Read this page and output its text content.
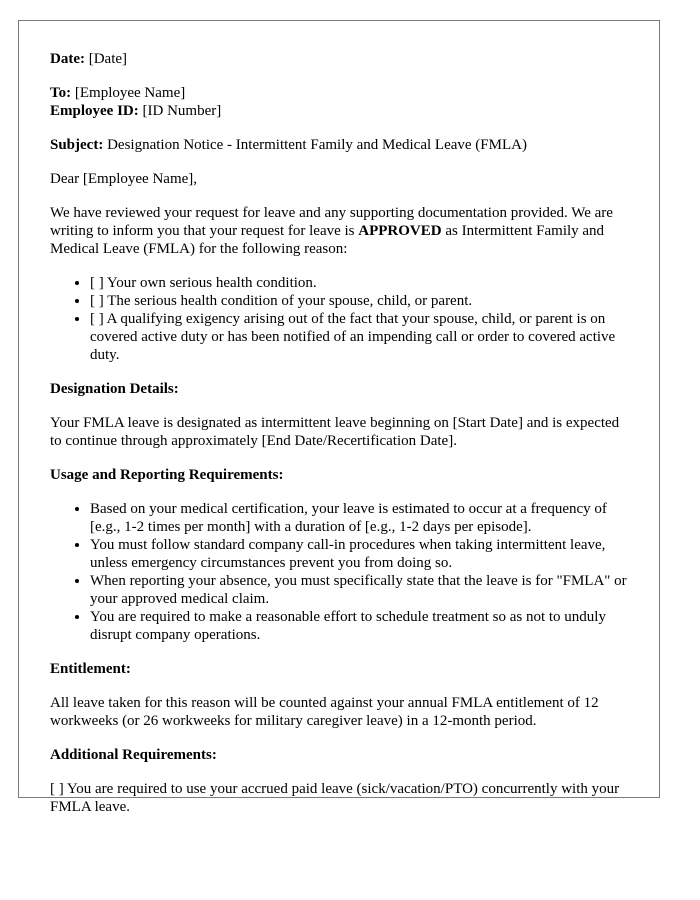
Date: [Date]

To: [Employee Name]

Employee ID: [ID Number]

Subject: Designation Notice - Intermittent Family and Medical Leave (FMLA)

Dear [Employee Name],

We have reviewed your request for leave and any supporting documentation provided. We are writing to inform you that your request for leave is APPROVED as Intermittent Family and Medical Leave (FMLA) for the following reason:

• [ ] Your own serious health condition.
• [ ] The serious health condition of your spouse, child, or parent.
• [ ] A qualifying exigency arising out of the fact that your spouse, child, or parent is on covered active duty or has been notified of an impending call or order to covered active duty.

Designation Details:

Your FMLA leave is designated as intermittent leave beginning on [Start Date] and is expected to continue through approximately [End Date/Recertification Date].

Usage and Reporting Requirements:

• Based on your medical certification, your leave is estimated to occur at a frequency of [e.g., 1-2 times per month] with a duration of [e.g., 1-2 days per episode].
• You must follow standard company call-in procedures when taking intermittent leave, unless emergency circumstances prevent you from doing so.
• When reporting your absence, you must specifically state that the leave is for "FMLA" or your approved medical claim.
• You are required to make a reasonable effort to schedule treatment so as not to unduly disrupt company operations.

Entitlement:

All leave taken for this reason will be counted against your annual FMLA entitlement of 12 workweeks (or 26 workweeks for military caregiver leave) in a 12-month period.

Additional Requirements:

[ ] You are required to use your accrued paid leave (sick/vacation/PTO) concurrently with your FMLA leave.
